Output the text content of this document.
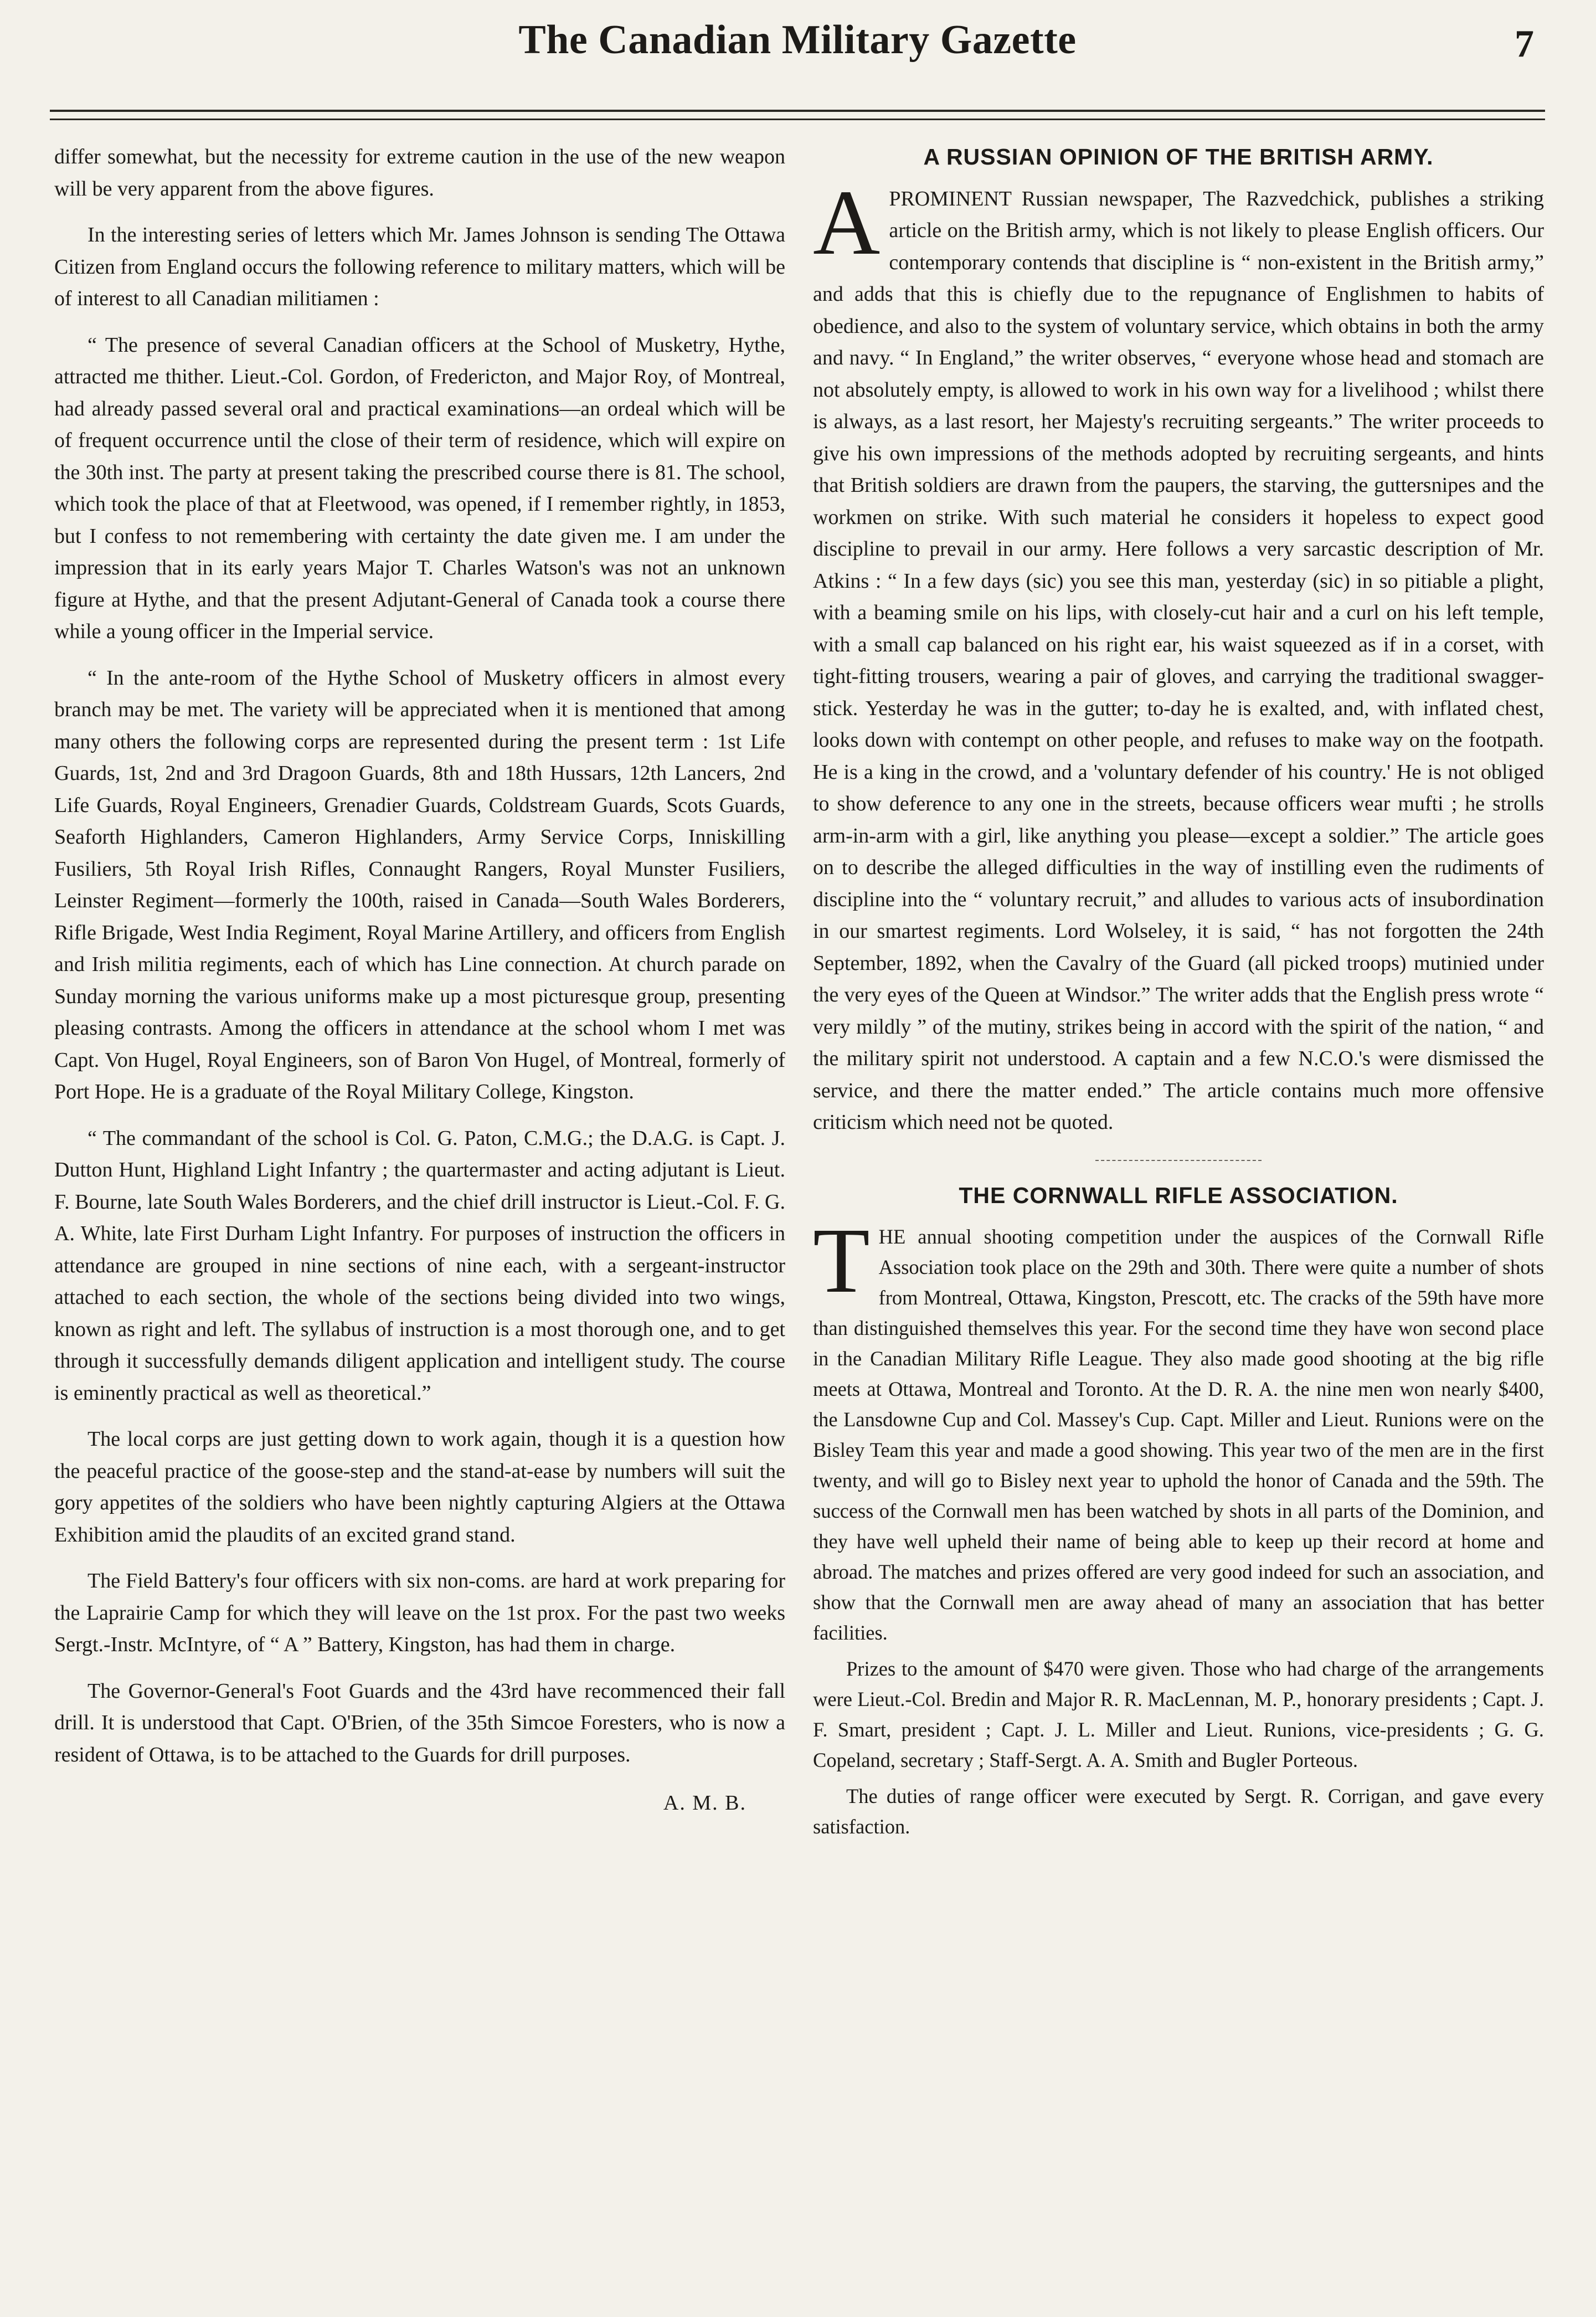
The Canadian Military Gazette	7

differ somewhat, but the necessity for extreme caution in the use of the new weapon will be very apparent from the above figures.

In the interesting series of letters which Mr. James Johnson is sending The Ottawa Citizen from England occurs the following reference to military matters, which will be of interest to all Canadian militiamen :

“ The presence of several Canadian officers at the School of Musketry, Hythe, attracted me thither. Lieut.-Col. Gordon, of Fredericton, and Major Roy, of Montreal, had already passed several oral and practical examinations—an ordeal which will be of frequent occurrence until the close of their term of residence, which will expire on the 30th inst. The party at present taking the prescribed course there is 81. The school, which took the place of that at Fleetwood, was opened, if I remember rightly, in 1853, but I confess to not remembering with certainty the date given me. I am under the impression that in its early years Major T. Charles Watson's was not an unknown figure at Hythe, and that the present Adjutant-General of Canada took a course there while a young officer in the Imperial service.

“ In the ante-room of the Hythe School of Musketry officers in almost every branch may be met. The variety will be appreciated when it is mentioned that among many others the following corps are represented during the present term : 1st Life Guards, 1st, 2nd and 3rd Dragoon Guards, 8th and 18th Hussars, 12th Lancers, 2nd Life Guards, Royal Engineers, Grenadier Guards, Coldstream Guards, Scots Guards, Seaforth Highlanders, Cameron Highlanders, Army Service Corps, Inniskilling Fusiliers, 5th Royal Irish Rifles, Connaught Rangers, Royal Munster Fusiliers, Leinster Regiment—formerly the 100th, raised in Canada—South Wales Borderers, Rifle Brigade, West India Regiment, Royal Marine Artillery, and officers from English and Irish militia regiments, each of which has Line connection. At church parade on Sunday morning the various uniforms make up a most picturesque group, presenting pleasing contrasts. Among the officers in attendance at the school whom I met was Capt. Von Hugel, Royal Engineers, son of Baron Von Hugel, of Montreal, formerly of Port Hope. He is a graduate of the Royal Military College, Kingston.

“ The commandant of the school is Col. G. Paton, C.M.G.; the D.A.G. is Capt. J. Dutton Hunt, Highland Light Infantry ; the quartermaster and acting adjutant is Lieut. F. Bourne, late South Wales Borderers, and the chief drill instructor is Lieut.-Col. F. G. A. White, late First Durham Light Infantry. For purposes of instruction the officers in attendance are grouped in nine sections of nine each, with a sergeant-instructor attached to each section, the whole of the sections being divided into two wings, known as right and left. The syllabus of instruction is a most thorough one, and to get through it successfully demands diligent application and intelligent study. The course is eminently practical as well as theoretical.”

The local corps are just getting down to work again, though it is a question how the peaceful practice of the goose-step and the stand-at-ease by numbers will suit the gory appetites of the soldiers who have been nightly capturing Algiers at the Ottawa Exhibition amid the plaudits of an excited grand stand.

The Field Battery's four officers with six non-coms. are hard at work preparing for the Laprairie Camp for which they will leave on the 1st prox. For the past two weeks Sergt.-Instr. McIntyre, of “ A ” Battery, Kingston, has had them in charge.

The Governor-General's Foot Guards and the 43rd have recommenced their fall drill. It is understood that Capt. O'Brien, of the 35th Simcoe Foresters, who is now a resident of Ottawa, is to be attached to the Guards for drill purposes.

A. M. B.
A RUSSIAN OPINION OF THE BRITISH ARMY.

APROMINENT Russian newspaper, The Razvedchick, publishes a striking article on the British army, which is not likely to please English officers. Our contemporary contends that discipline is “ non-existent in the British army,” and adds that this is chiefly due to the repugnance of Englishmen to habits of obedience, and also to the system of voluntary service, which obtains in both the army and navy. “ In England,” the writer observes, “ everyone whose head and stomach are not absolutely empty, is allowed to work in his own way for a livelihood ; whilst there is always, as a last resort, her Majesty's recruiting sergeants.” The writer proceeds to give his own impressions of the methods adopted by recruiting sergeants, and hints that British soldiers are drawn from the paupers, the starving, the guttersnipes and the workmen on strike. With such material he considers it hopeless to expect good discipline to prevail in our army. Here follows a very sarcastic description of Mr. Atkins : “ In a few days (sic) you see this man, yesterday (sic) in so pitiable a plight, with a beaming smile on his lips, with closely-cut hair and a curl on his left temple, with a small cap balanced on his right ear, his waist squeezed as if in a corset, with tight-fitting trousers, wearing a pair of gloves, and carrying the traditional swagger-stick. Yesterday he was in the gutter; to-day he is exalted, and, with inflated chest, looks down with contempt on other people, and refuses to make way on the footpath. He is a king in the crowd, and a 'voluntary defender of his country.' He is not obliged to show deference to any one in the streets, because officers wear mufti ; he strolls arm-in-arm with a girl, like anything you please—except a soldier.” The article goes on to describe the alleged difficulties in the way of instilling even the rudiments of discipline into the “ voluntary recruit,” and alludes to various acts of insubordination in our smartest regiments. Lord Wolseley, it is said, “ has not forgotten the 24th September, 1892, when the Cavalry of the Guard (all picked troops) mutinied under the very eyes of the Queen at Windsor.” The writer adds that the English press wrote “ very mildly ” of the mutiny, strikes being in accord with the spirit of the nation, “ and the military spirit not understood. A captain and a few N.C.O.'s were dismissed the service, and there the matter ended.” The article contains much more offensive criticism which need not be quoted.

THE CORNWALL RIFLE ASSOCIATION.

THE annual shooting competition under the auspices of the Cornwall Rifle Association took place on the 29th and 30th. There were quite a number of shots from Montreal, Ottawa, Kingston, Prescott, etc. The cracks of the 59th have more than distinguished themselves this year. For the second time they have won second place in the Canadian Military Rifle League. They also made good shooting at the big rifle meets at Ottawa, Montreal and Toronto. At the D. R. A. the nine men won nearly $400, the Lansdowne Cup and Col. Massey's Cup. Capt. Miller and Lieut. Runions were on the Bisley Team this year and made a good showing. This year two of the men are in the first twenty, and will go to Bisley next year to uphold the honor of Canada and the 59th. The success of the Cornwall men has been watched by shots in all parts of the Dominion, and they have well upheld their name of being able to keep up their record at home and abroad. The matches and prizes offered are very good indeed for such an association, and show that the Cornwall men are away ahead of many an association that has better facilities.

Prizes to the amount of $470 were given. Those who had charge of the arrangements were Lieut.-Col. Bredin and Major R. R. MacLennan, M. P., honorary presidents ; Capt. J. F. Smart, president ; Capt. J. L. Miller and Lieut. Runions, vice-presidents ; G. G. Copeland, secretary ; Staff-Sergt. A. A. Smith and Bugler Porteous.

The duties of range officer were executed by Sergt. R. Corrigan, and gave every satisfaction.
